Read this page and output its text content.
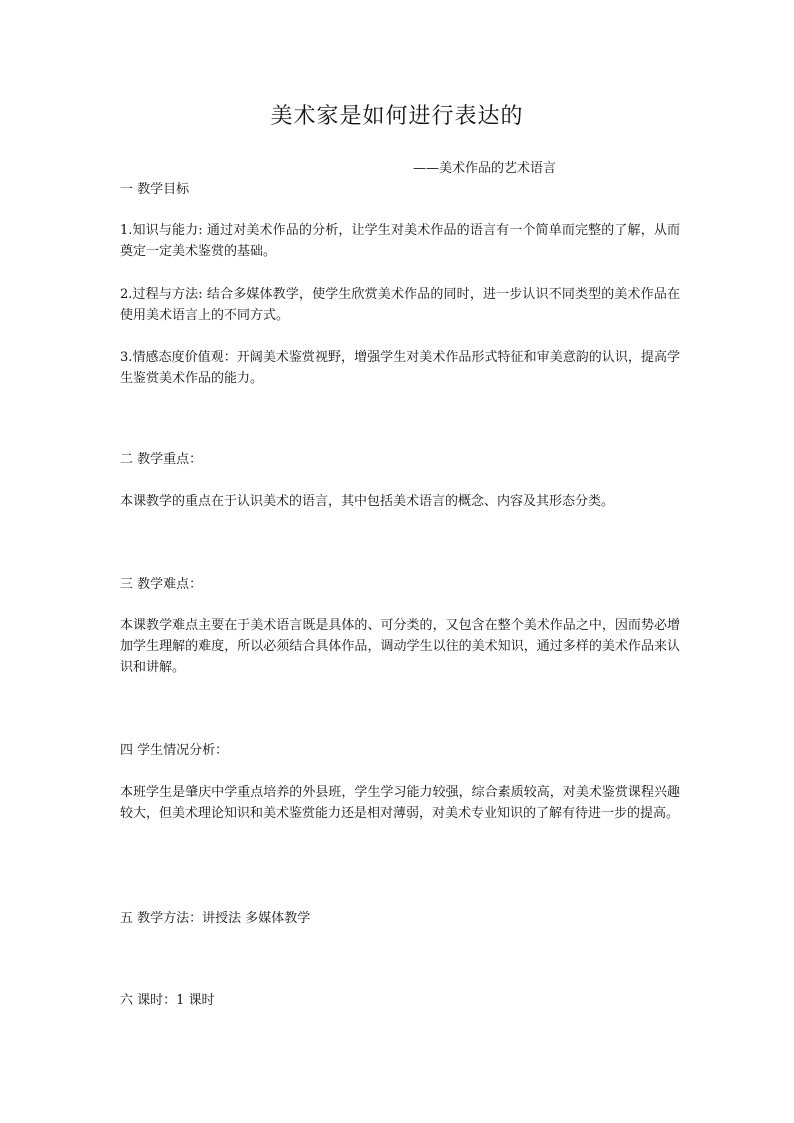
美术家是如何进行表达的
——美术作品的艺术语言
一 教学目标
1.知识与能力: 通过对美术作品的分析，让学生对美术作品的语言有一个简单而完整的了解，从而奠定一定美术鉴赏的基础。
2.过程与方法: 结合多媒体教学，使学生欣赏美术作品的同时，进一步认识不同类型的美术作品在使用美术语言上的不同方式。
3.情感态度价值观：开阔美术鉴赏视野，增强学生对美术作品形式特征和审美意韵的认识，提高学生鉴赏美术作品的能力。
二 教学重点：
本课教学的重点在于认识美术的语言，其中包括美术语言的概念、内容及其形态分类。
三 教学难点：
本课教学难点主要在于美术语言既是具体的、可分类的，又包含在整个美术作品之中，因而势必增加学生理解的难度，所以必须结合具体作品，调动学生以往的美术知识，通过多样的美术作品来认识和讲解。
四 学生情况分析：
本班学生是肇庆中学重点培养的外县班，学生学习能力较强，综合素质较高，对美术鉴赏课程兴趣较大，但美术理论知识和美术鉴赏能力还是相对薄弱，对美术专业知识的了解有待进一步的提高。
五 教学方法：讲授法 多媒体教学
六 课时：1 课时
